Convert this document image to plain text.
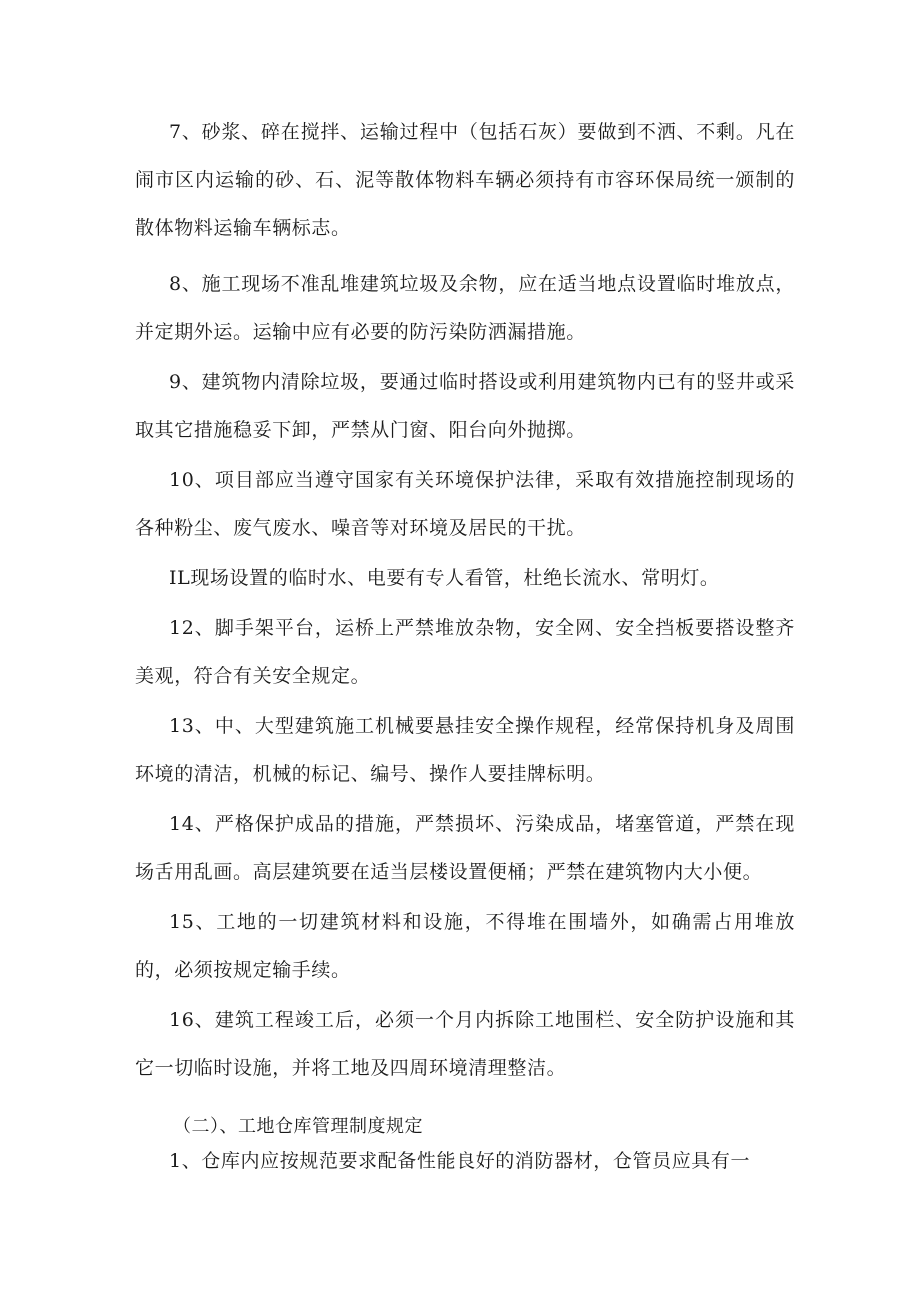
7、砂浆、碎在搅拌、运输过程中（包括石灰）要做到不洒、不剩。凡在闹市区内运输的砂、石、泥等散体物料车辆必须持有市容环保局统一颁制的散体物料运输车辆标志。

8、施工现场不准乱堆建筑垃圾及余物，应在适当地点设置临时堆放点，并定期外运。运输中应有必要的防污染防洒漏措施。

9、建筑物内清除垃圾，要通过临时搭设或利用建筑物内已有的竖井或采取其它措施稳妥下卸，严禁从门窗、阳台向外抛掷。

10、项目部应当遵守国家有关环境保护法律，采取有效措施控制现场的各种粉尘、废气废水、噪音等对环境及居民的干扰。

IL现场设置的临时水、电要有专人看管，杜绝长流水、常明灯。

12、脚手架平台，运桥上严禁堆放杂物，安全网、安全挡板要搭设整齐美观，符合有关安全规定。

13、中、大型建筑施工机械要悬挂安全操作规程，经常保持机身及周围环境的清洁，机械的标记、编号、操作人要挂牌标明。

14、严格保护成品的措施，严禁损坏、污染成品，堵塞管道，严禁在现场舌用乱画。高层建筑要在适当层楼设置便桶；严禁在建筑物内大小便。

15、工地的一切建筑材料和设施，不得堆在围墙外，如确需占用堆放的，必须按规定输手续。

16、建筑工程竣工后，必须一个月内拆除工地围栏、安全防护设施和其它一切临时设施，并将工地及四周环境清理整洁。

（二）、工地仓库管理制度规定

1、仓库内应按规范要求配备性能良好的消防器材，仓管员应具有一
